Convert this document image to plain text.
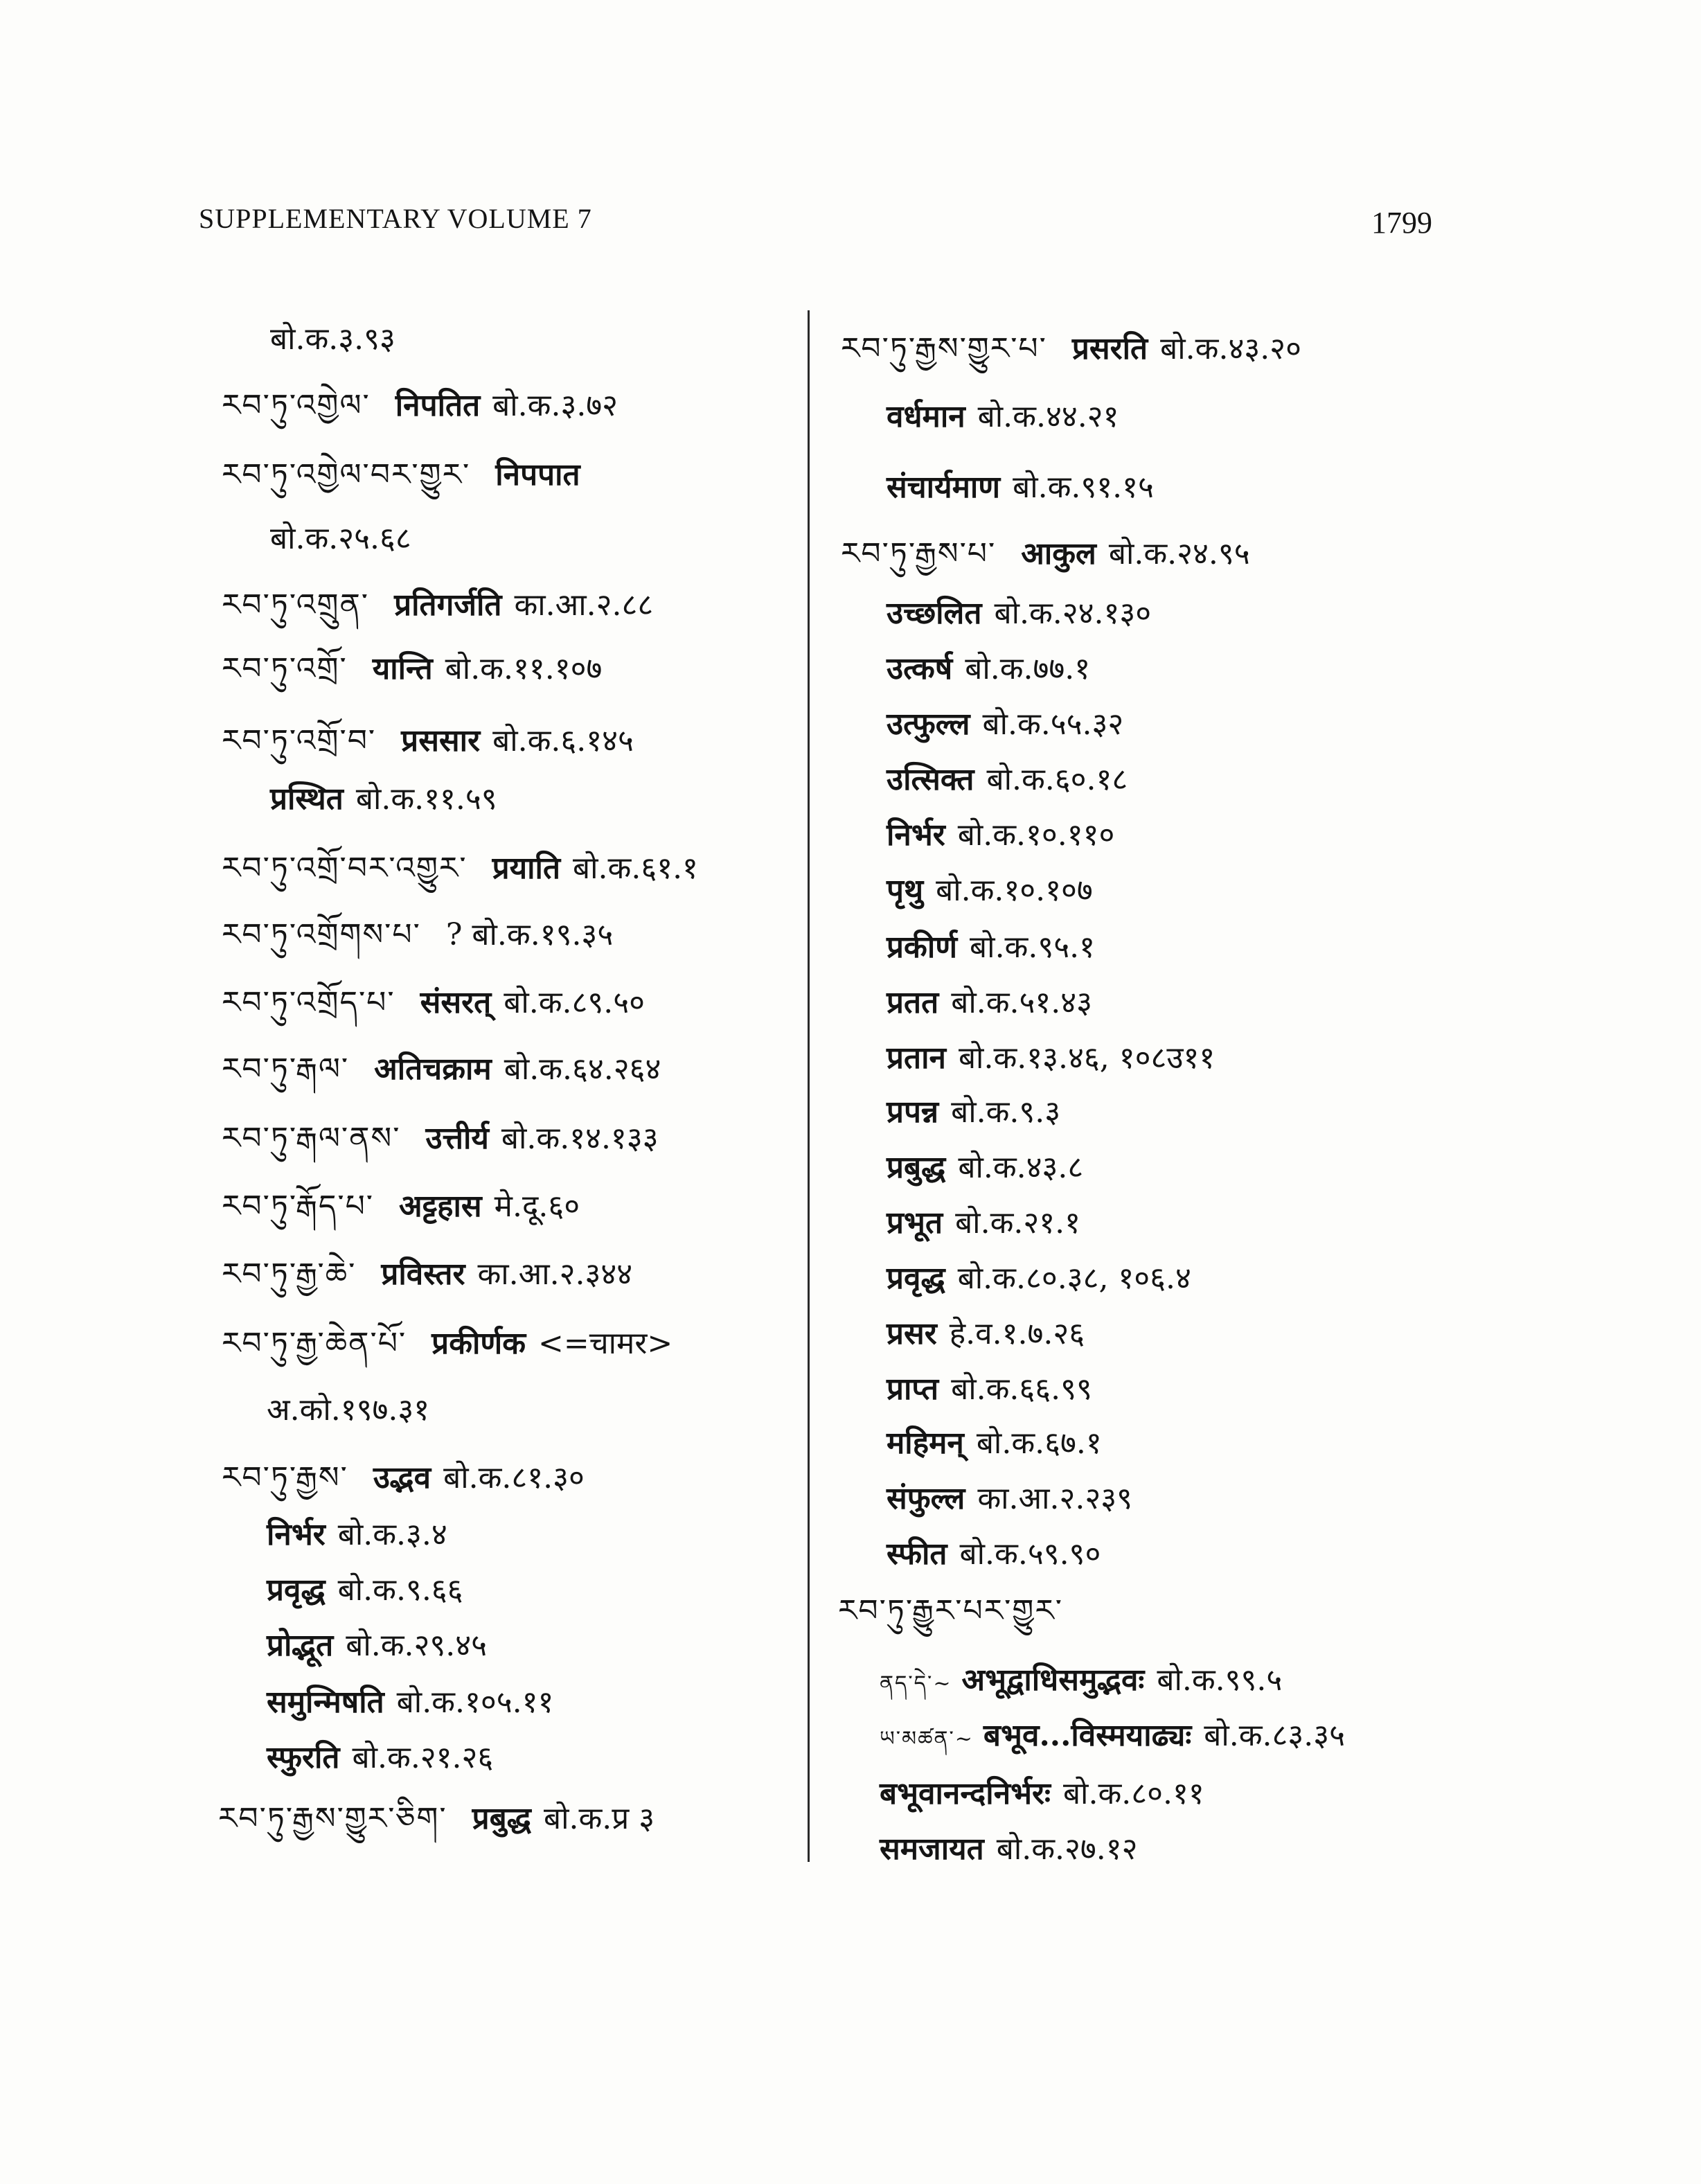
SUPPLEMENTARY VOLUME 7	1799
बो.क.३.९३
རབ་ཏུ་འགྱེལ་ निपतित बो.क.३.७२
རབ་ཏུ་འགྱེལ་བར་གྱུར་ निपपात
बो.क.२५.६८
རབ་ཏུ་འགྲུན་ प्रतिगर्जति का.आ.२.८८
རབ་ཏུ་འགྲོ་ यान्ति बो.क.११.१०७
རབ་ཏུ་འགྲོ་བ་ प्रससार बो.क.६.१४५
प्रस्थित बो.क.११.५९
རབ་ཏུ་འགྲོ་བར་འགྱུར་ प्रयाति बो.क.६१.१
རབ་ཏུ་འགྲོགས་པ་ ? बो.क.१९.३५
རབ་ཏུ་འགྲོད་པ་ संसरत् बो.क.८९.५०
རབ་ཏུ་རྒལ་ अतिचक्राम बो.क.६४.२६४
རབ་ཏུ་རྒལ་ནས་ उत्तीर्य बो.क.१४.१३३
རབ་ཏུ་རྒོད་པ་ अट्टहास मे.दू.६०
རབ་ཏུ་རྒྱ་ཆེ་ प्रविस्तर का.आ.२.३४४
རབ་ཏུ་རྒྱ་ཆེན་པོ་ प्रकीर्णक <=चामर>
अ.को.१९७.३१
རབ་ཏུ་རྒྱས་ उद्भव बो.क.८१.३०
निर्भर बो.क.३.४
प्रवृद्ध बो.क.९.६६
प्रोद्भूत बो.क.२९.४५
समुन्मिषति बो.क.१०५.११
स्फुरति बो.क.२१.२६
རབ་ཏུ་རྒྱས་གྱུར་ཅིག་ प्रबुद्ध बो.क.प्र ३
རབ་ཏུ་རྒྱས་གྱུར་པ་ प्रसरति बो.क.४३.२०
वर्धमान बो.क.४४.२१
संचार्यमाण बो.क.९१.१५
རབ་ཏུ་རྒྱས་པ་ आकुल बो.क.२४.९५
उच्छलित बो.क.२४.१३०
उत्कर्ष बो.क.७७.१
उत्फुल्ल बो.क.५५.३२
उत्सिक्त बो.क.६०.१८
निर्भर बो.क.१०.११०
पृथु बो.क.१०.१०७
प्रकीर्ण बो.क.९५.१
प्रतत बो.क.५१.४३
प्रतान बो.क.१३.४६, १०८उ११
प्रपन्न बो.क.९.३
प्रबुद्ध बो.क.४३.८
प्रभूत बो.क.२१.१
प्रवृद्ध बो.क.८०.३८, १०६.४
प्रसर हे.व.१.७.२६
प्राप्त बो.क.६६.९९
महिमन् बो.क.६७.१
संफुल्ल का.आ.२.२३९
स्फीत बो.क.५९.९०
རབ་ཏུ་རྒྱུར་པར་གྱུར་
ནད་དེ་~ अभूद्वाधिसमुद्भवः बो.क.९९.५
ཡ་མཚན་~ बभूव...विस्मयाढ्यः बो.क.८३.३५
बभूवानन्दनिर्भरः बो.क.८०.११
समजायत बो.क.२७.१२
